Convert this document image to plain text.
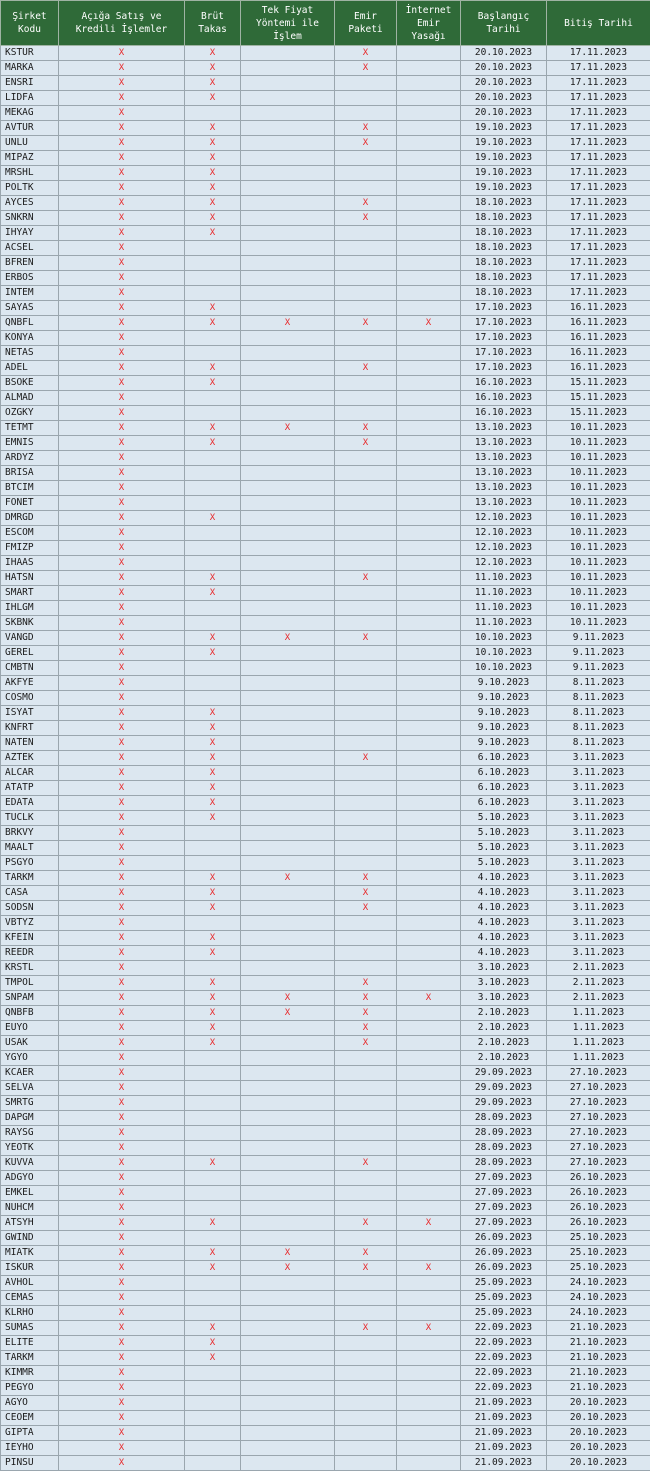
Şirket Kodu	Açığa Satış ve Kredili İşlemler	Brüt Takas	Tek Fiyat Yöntemi ile İşlem	Emir Paketi	İnternet Emir Yasağı	Başlangıç Tarihi	Bitiş Tarihi
KSTUR	X	X		X		20.10.2023	17.11.2023
MARKA	X	X		X		20.10.2023	17.11.2023
ENSRI	X	X				20.10.2023	17.11.2023
LIDFA	X	X				20.10.2023	17.11.2023
MEKAG	X					20.10.2023	17.11.2023
AVTUR	X	X		X		19.10.2023	17.11.2023
UNLU	X	X		X		19.10.2023	17.11.2023
MIPAZ	X	X				19.10.2023	17.11.2023
MRSHL	X	X				19.10.2023	17.11.2023
POLTK	X	X				19.10.2023	17.11.2023
AYCES	X	X		X		18.10.2023	17.11.2023
SNKRN	X	X		X		18.10.2023	17.11.2023
IHYAY	X	X				18.10.2023	17.11.2023
ACSEL	X					18.10.2023	17.11.2023
BFREN	X					18.10.2023	17.11.2023
ERBOS	X					18.10.2023	17.11.2023
INTEM	X					18.10.2023	17.11.2023
SAYAS	X	X				17.10.2023	16.11.2023
QNBFL	X	X	X	X	X	17.10.2023	16.11.2023
KONYA	X					17.10.2023	16.11.2023
NETAS	X					17.10.2023	16.11.2023
ADEL	X	X		X		17.10.2023	16.11.2023
BSOKE	X	X				16.10.2023	15.11.2023
ALMAD	X					16.10.2023	15.11.2023
OZGKY	X					16.10.2023	15.11.2023
TETMT	X	X	X	X		13.10.2023	10.11.2023
EMNIS	X	X		X		13.10.2023	10.11.2023
ARDYZ	X					13.10.2023	10.11.2023
BRISA	X					13.10.2023	10.11.2023
BTCIM	X					13.10.2023	10.11.2023
FONET	X					13.10.2023	10.11.2023
DMRGD	X	X				12.10.2023	10.11.2023
ESCOM	X					12.10.2023	10.11.2023
FMIZP	X					12.10.2023	10.11.2023
IHAAS	X					12.10.2023	10.11.2023
HATSN	X	X		X		11.10.2023	10.11.2023
SMART	X	X				11.10.2023	10.11.2023
IHLGM	X					11.10.2023	10.11.2023
SKBNK	X					11.10.2023	10.11.2023
VANGD	X	X	X	X		10.10.2023	9.11.2023
GEREL	X	X				10.10.2023	9.11.2023
CMBTN	X					10.10.2023	9.11.2023
AKFYE	X					9.10.2023	8.11.2023
COSMO	X					9.10.2023	8.11.2023
ISYAT	X	X				9.10.2023	8.11.2023
KNFRT	X	X				9.10.2023	8.11.2023
NATEN	X	X				9.10.2023	8.11.2023
AZTEK	X	X		X		6.10.2023	3.11.2023
ALCAR	X	X				6.10.2023	3.11.2023
ATATP	X	X				6.10.2023	3.11.2023
EDATA	X	X				6.10.2023	3.11.2023
TUCLK	X	X				5.10.2023	3.11.2023
BRKVY	X					5.10.2023	3.11.2023
MAALT	X					5.10.2023	3.11.2023
PSGYO	X					5.10.2023	3.11.2023
TARKM	X	X	X	X		4.10.2023	3.11.2023
CASA	X	X		X		4.10.2023	3.11.2023
SODSN	X	X		X		4.10.2023	3.11.2023
VBTYZ	X					4.10.2023	3.11.2023
KFEIN	X	X				4.10.2023	3.11.2023
REEDR	X	X				4.10.2023	3.11.2023
KRSTL	X					3.10.2023	2.11.2023
TMPOL	X	X		X		3.10.2023	2.11.2023
SNPAM	X	X	X	X	X	3.10.2023	2.11.2023
QNBFB	X	X	X	X		2.10.2023	1.11.2023
EUYO	X	X		X		2.10.2023	1.11.2023
USAK	X	X		X		2.10.2023	1.11.2023
YGYO	X					2.10.2023	1.11.2023
KCAER	X					29.09.2023	27.10.2023
SELVA	X					29.09.2023	27.10.2023
SMRTG	X					29.09.2023	27.10.2023
DAPGM	X					28.09.2023	27.10.2023
RAYSG	X					28.09.2023	27.10.2023
YEOTK	X					28.09.2023	27.10.2023
KUVVA	X	X		X		28.09.2023	27.10.2023
ADGYO	X					27.09.2023	26.10.2023
EMKEL	X					27.09.2023	26.10.2023
NUHCM	X					27.09.2023	26.10.2023
ATSYH	X	X		X	X	27.09.2023	26.10.2023
GWIND	X					26.09.2023	25.10.2023
MIATK	X	X	X	X		26.09.2023	25.10.2023
ISKUR	X	X	X	X	X	26.09.2023	25.10.2023
AVHOL	X					25.09.2023	24.10.2023
CEMAS	X					25.09.2023	24.10.2023
KLRHO	X					25.09.2023	24.10.2023
SUMAS	X	X		X	X	22.09.2023	21.10.2023
ELITE	X	X				22.09.2023	21.10.2023
TARKM	X	X				22.09.2023	21.10.2023
KIMMR	X					22.09.2023	21.10.2023
PEGYO	X					22.09.2023	21.10.2023
AGYO	X					21.09.2023	20.10.2023
CEOEM	X					21.09.2023	20.10.2023
GIPTA	X					21.09.2023	20.10.2023
IEYHO	X					21.09.2023	20.10.2023
PINSU	X					21.09.2023	20.10.2023
